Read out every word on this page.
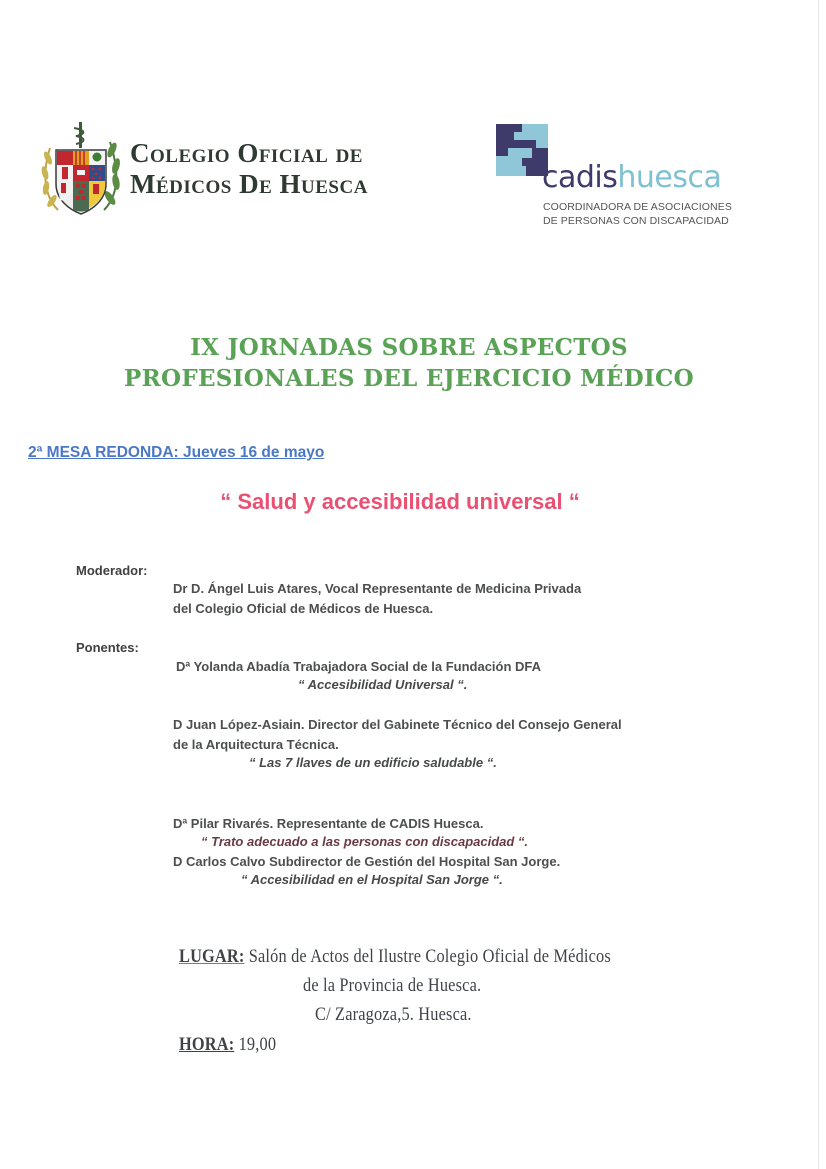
Colegio Oficial de
Médicos De Huesca	cadishuesca
COORDINADORA DE ASOCIACIONES
DE PERSONAS CON DISCAPACIDAD
IX JORNADAS SOBRE ASPECTOS
PROFESIONALES DEL EJERCICIO MÉDICO
2ª MESA REDONDA: Jueves 16 de mayo
“ Salud y accesibilidad universal “
Moderador:
Dr D. Ángel Luis Atares, Vocal Representante de Medicina Privada
del Colegio Oficial de Médicos de Huesca.
Ponentes:
Dª Yolanda Abadía Trabajadora Social de la Fundación DFA
“ Accesibilidad Universal “.
D Juan López-Asiain. Director del Gabinete Técnico del Consejo General
de la Arquitectura Técnica.
“ Las 7 llaves de un edificio saludable “.
Dª Pilar Rivarés. Representante de CADIS Huesca.
“ Trato adecuado a las personas con discapacidad “.
D Carlos Calvo Subdirector de Gestión del Hospital San Jorge.
“ Accesibilidad en el Hospital San Jorge “.
LUGAR: Salón de Actos del Ilustre Colegio Oficial de Médicos
de la Provincia de Huesca.
C/ Zaragoza,5. Huesca.
HORA: 19,00
